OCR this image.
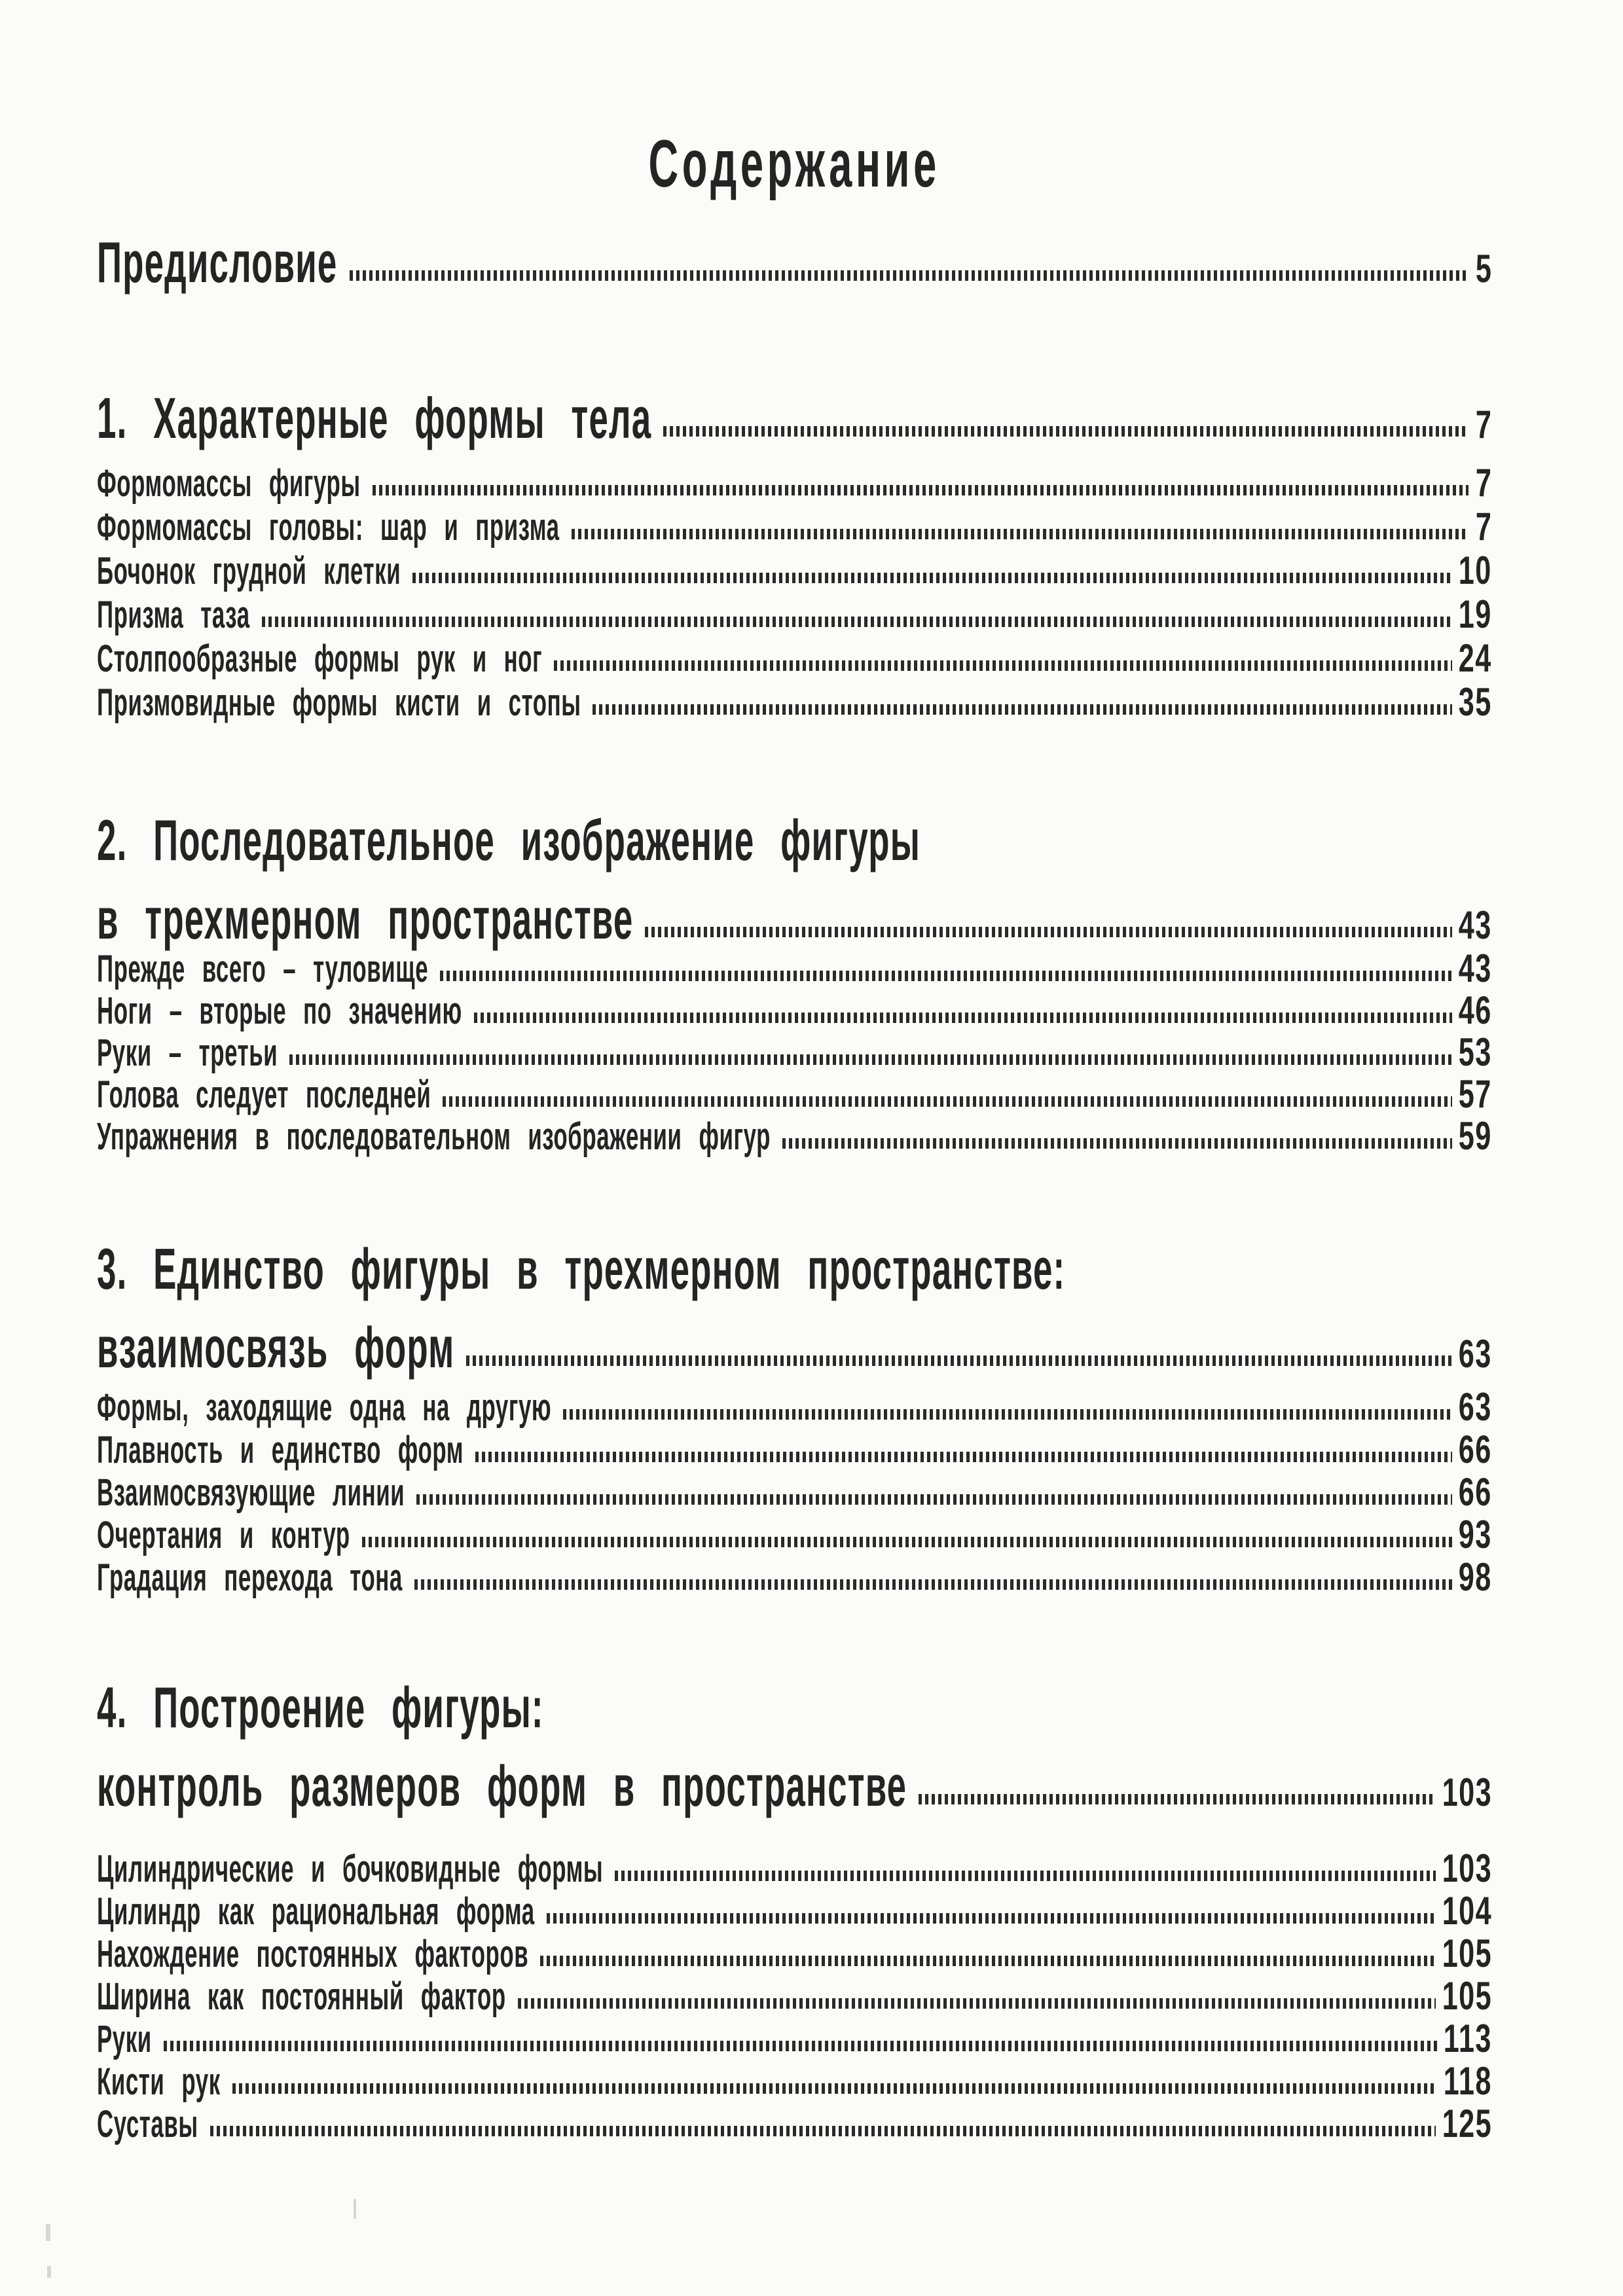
Содержание
Предисловие	5
1. Характерные формы тела	7
Формомассы фигуры	7
Формомассы головы: шар и призма	7
Бочонок грудной клетки	10
Призма таза	19
Столпообразные формы рук и ног	24
Призмовидные формы кисти и стопы	35
2. Последовательное изображение фигуры
в трехмерном пространстве	43
Прежде всего – туловище	43
Ноги – вторые по значению	46
Руки – третьи	53
Голова следует последней	57
Упражнения в последовательном изображении фигур	59
3. Единство фигуры в трехмерном пространстве:
взаимосвязь форм	63
Формы, заходящие одна на другую	63
Плавность и единство форм	66
Взаимосвязующие линии	66
Очертания и контур	93
Градация перехода тона	98
4. Построение фигуры:
контроль размеров форм в пространстве	103
Цилиндрические и бочковидные формы	103
Цилиндр как рациональная форма	104
Нахождение постоянных факторов	105
Ширина как постоянный фактор	105
Руки	113
Кисти рук	118
Суставы	125
